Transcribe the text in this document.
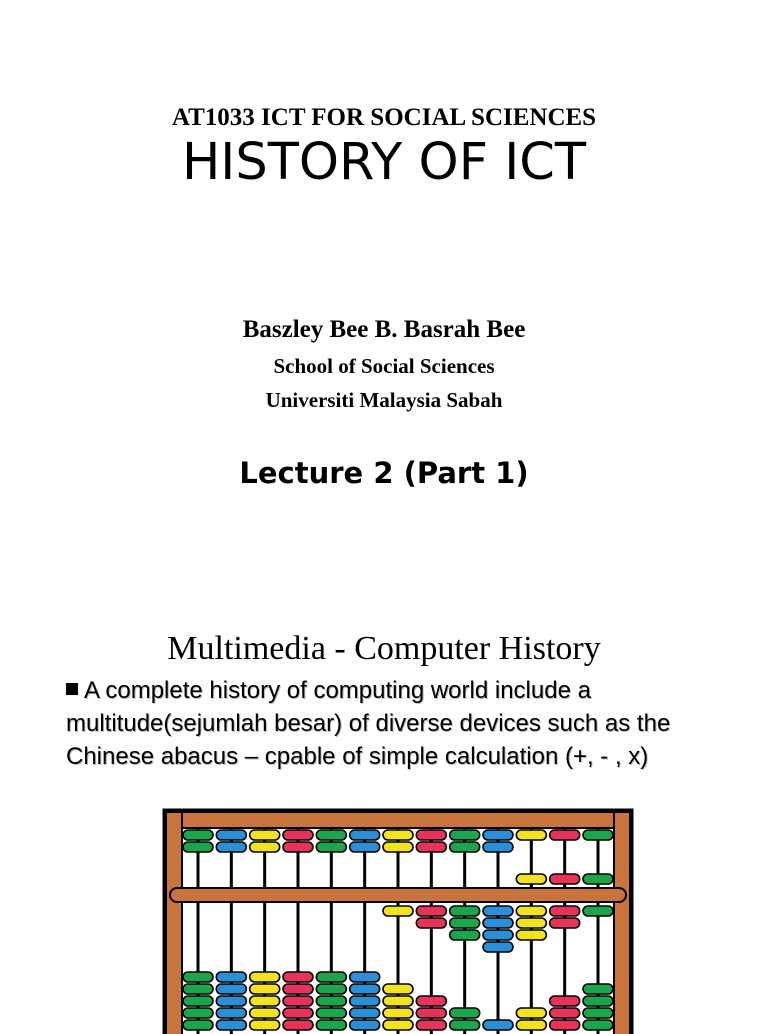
AT1033 ICT FOR SOCIAL SCIENCES
HISTORY OF ICT
Baszley Bee B. Basrah Bee
School of Social Sciences
Universiti Malaysia Sabah
Lecture 2 (Part 1)
Multimedia - Computer History
A complete history of computing world include a multitude(sejumlah besar) of diverse devices such as the Chinese abacus – cpable of simple calculation (+, - , x)
